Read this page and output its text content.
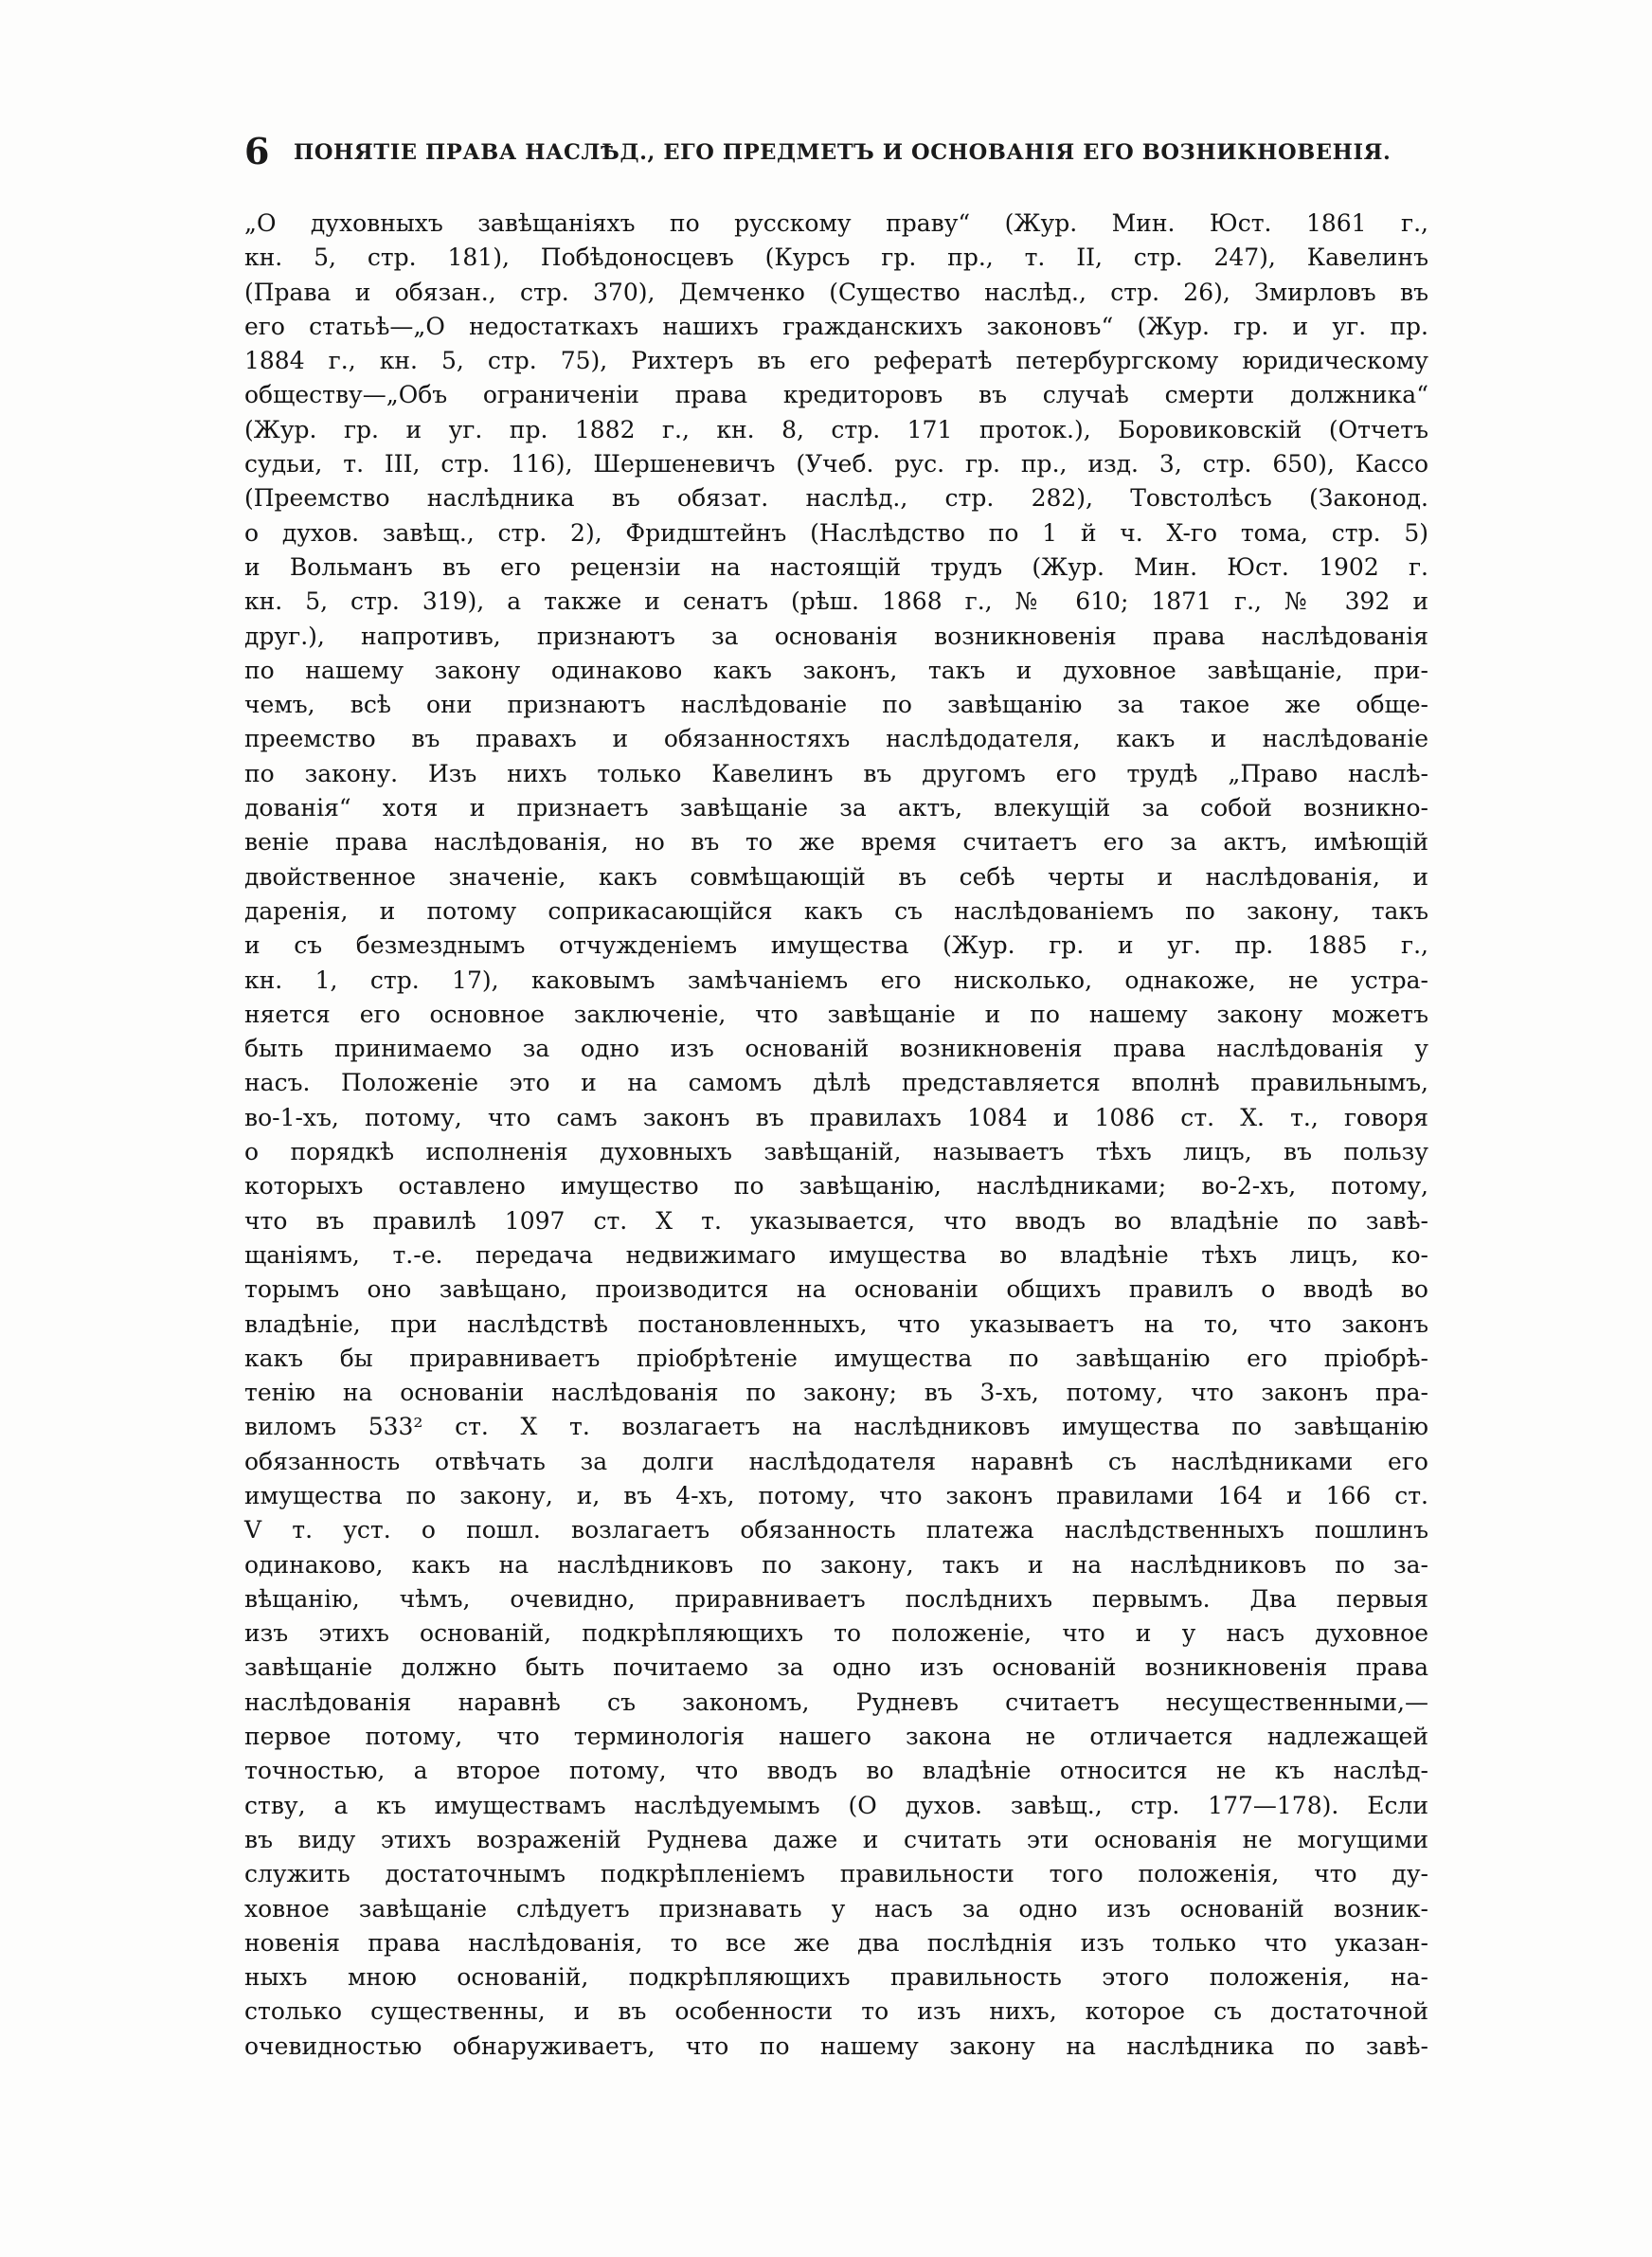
6 ПОНЯТІЕ ПРАВА НАСЛѢД., ЕГО ПРЕДМЕТЪ И ОСНОВАНІЯ ЕГО ВОЗНИКНОВЕНІЯ.
„О духовныхъ завѣщаніяхъ по русскому праву“ (Жур. Мин. Юст. 1861 г.,
кн. 5, стр. 181), Побѣдоносцевъ (Курсъ гр. пр., т. II, стр. 247), Кавелинъ
(Права и обязан., стр. 370), Демченко (Существо наслѣд., стр. 26), Змирловъ въ
его статьѣ—„О недостаткахъ нашихъ гражданскихъ законовъ“ (Жур. гр. и уг. пр.
1884 г., кн. 5, стр. 75), Рихтеръ въ его рефератѣ петербургскому юридическому
обществу—„Объ ограниченіи права кредиторовъ въ случаѣ смерти должника“
(Жур. гр. и уг. пр. 1882 г., кн. 8, стр. 171 проток.), Боровиковскій (Отчетъ
судьи, т. III, стр. 116), Шершеневичъ (Учеб. рус. гр. пр., изд. 3, стр. 650), Кассо
(Преемство наслѣдника въ обязат. наслѣд., стр. 282), Товстолѣсъ (Законод.
о духов. завѣщ., стр. 2), Фридштейнъ (Наслѣдство по 1 й ч. X-го тома, стр. 5)
и Вольманъ въ его рецензіи на настоящій трудъ (Жур. Мин. Юст. 1902 г.
кн. 5, стр. 319), а также и сенатъ (рѣш. 1868 г., № 610; 1871 г., № 392 и
друг.), напротивъ, признаютъ за основанія возникновенія права наслѣдованія
по нашему закону одинаково какъ законъ, такъ и духовное завѣщаніе, при-
чемъ, всѣ они признаютъ наслѣдованіе по завѣщанію за такое же обще-
преемство въ правахъ и обязанностяхъ наслѣдодателя, какъ и наслѣдованіе
по закону. Изъ нихъ только Кавелинъ въ другомъ его трудѣ „Право наслѣ-
дованія“ хотя и признаетъ завѣщаніе за актъ, влекущій за собой возникно-
веніе права наслѣдованія, но въ то же время считаетъ его за актъ, имѣющій
двойственное значеніе, какъ совмѣщающій въ себѣ черты и наслѣдованія, и
даренія, и потому соприкасающійся какъ съ наслѣдованіемъ по закону, такъ
и съ безмезднымъ отчужденіемъ имущества (Жур. гр. и уг. пр. 1885 г.,
кн. 1, стр. 17), каковымъ замѣчаніемъ его нисколько, однакоже, не устра-
няется его основное заключеніе, что завѣщаніе и по нашему закону можетъ
быть принимаемо за одно изъ основаній возникновенія права наслѣдованія у
насъ. Положеніе это и на самомъ дѣлѣ представляется вполнѣ правильнымъ,
во-1-хъ, потому, что самъ законъ въ правилахъ 1084 и 1086 ст. X. т., говоря
о порядкѣ исполненія духовныхъ завѣщаній, называетъ тѣхъ лицъ, въ пользу
которыхъ оставлено имущество по завѣщанію, наслѣдниками; во-2-хъ, потому,
что въ правилѣ 1097 ст. X т. указывается, что вводъ во владѣніе по завѣ-
щаніямъ, т.-е. передача недвижимаго имущества во владѣніе тѣхъ лицъ, ко-
торымъ оно завѣщано, производится на основаніи общихъ правилъ о вводѣ во
владѣніе, при наслѣдствѣ постановленныхъ, что указываетъ на то, что законъ
какъ бы приравниваетъ пріобрѣтеніе имущества по завѣщанію его пріобрѣ-
тенію на основаніи наслѣдованія по закону; въ 3-хъ, потому, что законъ пра-
виломъ 533² ст. X т. возлагаетъ на наслѣдниковъ имущества по завѣщанію
обязанность отвѣчать за долги наслѣдодателя наравнѣ съ наслѣдниками его
имущества по закону, и, въ 4-хъ, потому, что законъ правилами 164 и 166 ст.
V т. уст. о пошл. возлагаетъ обязанность платежа наслѣдственныхъ пошлинъ
одинаково, какъ на наслѣдниковъ по закону, такъ и на наслѣдниковъ по за-
вѣщанію, чѣмъ, очевидно, приравниваетъ послѣднихъ первымъ. Два первыя
изъ этихъ основаній, подкрѣпляющихъ то положеніе, что и у насъ духовное
завѣщаніе должно быть почитаемо за одно изъ основаній возникновенія права
наслѣдованія наравнѣ съ закономъ, Рудневъ считаетъ несущественными,—
первое потому, что терминологія нашего закона не отличается надлежащей
точностью, а второе потому, что вводъ во владѣніе относится не къ наслѣд-
ству, а къ имуществамъ наслѣдуемымъ (О духов. завѣщ., стр. 177—178). Если
въ виду этихъ возраженій Руднева даже и считать эти основанія не могущими
служить достаточнымъ подкрѣпленіемъ правильности того положенія, что ду-
ховное завѣщаніе слѣдуетъ признавать у насъ за одно изъ основаній возник-
новенія права наслѣдованія, то все же два послѣднія изъ только что указан-
ныхъ мною основаній, подкрѣпляющихъ правильность этого положенія, на-
столько существенны, и въ особенности то изъ нихъ, которое съ достаточной
очевидностью обнаруживаетъ, что по нашему закону на наслѣдника по завѣ-
